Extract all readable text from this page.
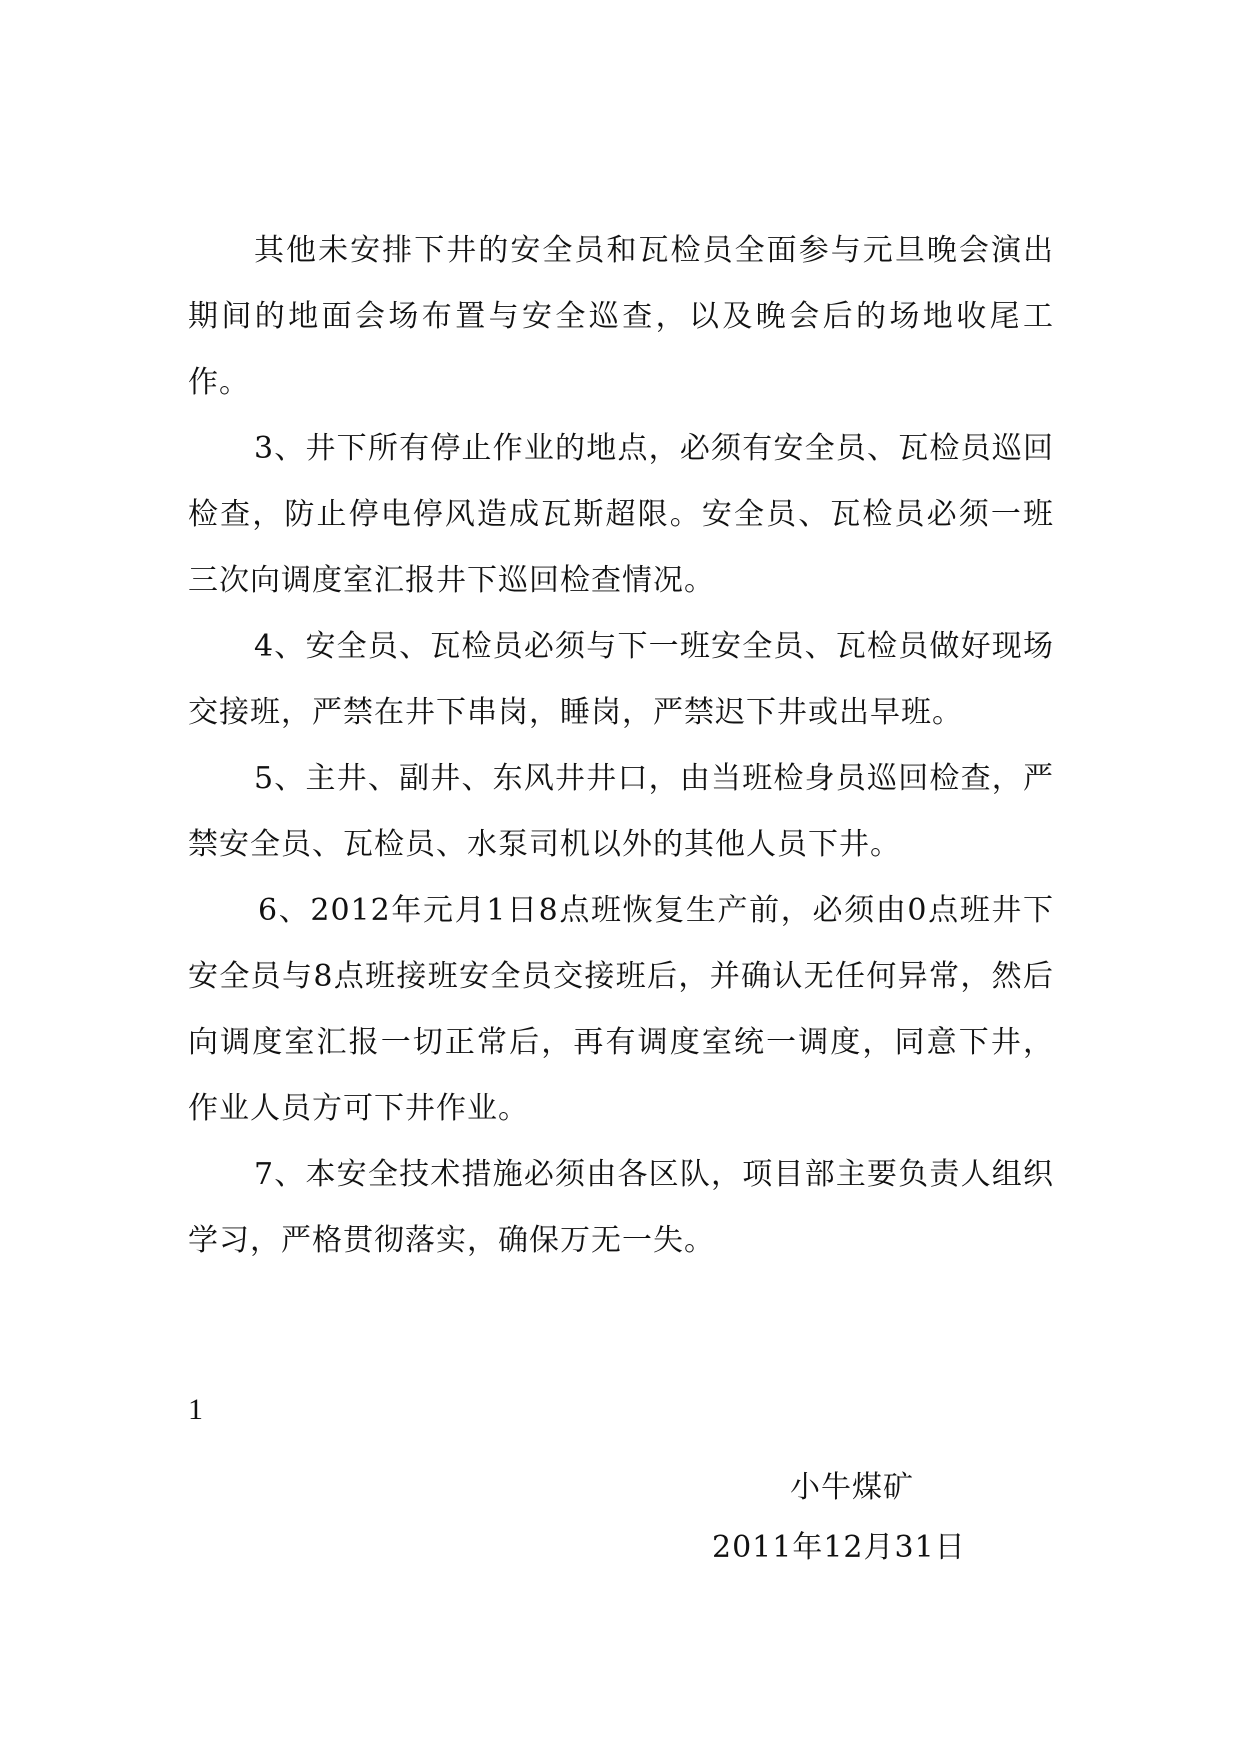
其他未安排下井的安全员和瓦检员全面参与元旦晚会演出期间的地面会场布置与安全巡查，以及晚会后的场地收尾工作。

3、井下所有停止作业的地点，必须有安全员、瓦检员巡回检查，防止停电停风造成瓦斯超限。安全员、瓦检员必须一班三次向调度室汇报井下巡回检查情况。

4、安全员、瓦检员必须与下一班安全员、瓦检员做好现场交接班，严禁在井下串岗，睡岗，严禁迟下井或出早班。

5、主井、副井、东风井井口，由当班检身员巡回检查，严禁安全员、瓦检员、水泵司机以外的其他人员下井。

6、2012年元月1日8点班恢复生产前，必须由0点班井下安全员与8点班接班安全员交接班后，并确认无任何异常，然后向调度室汇报一切正常后，再有调度室统一调度，同意下井，作业人员方可下井作业。

7、本安全技术措施必须由各区队，项目部主要负责人组织学习，严格贯彻落实，确保万无一失。

1
小牛煤矿
2011年12月31日
